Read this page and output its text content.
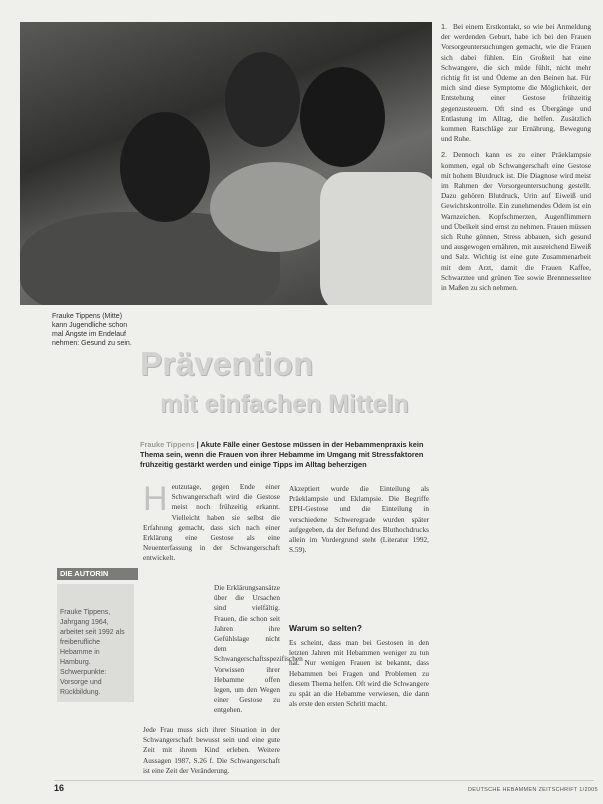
Frauke Tippens (Mitte) kann Jugendliche schon mal Ängste im Endelauf nehmen: Gesund zu sein.
Prävention
mit einfachen Mitteln
Frauke Tippens | Akute Fälle einer Gestose müssen in der Hebammenpraxis kein Thema sein, wenn die Frauen von ihrer Hebamme im Umgang mit Stressfaktoren frühzeitig gestärkt werden und einige Tipps im Alltag beherzigen
H eutzutage, gegen Ende einer Schwangerschaft wird die Gestose meist noch frühzeitig erkannt. Vielleicht haben sie selbst die Erfahrung gemacht, dass sich nach einer Erklärung eine Gestose als eine Neuenterfassung in der Schwangerschaft entwickelt.

Die Erklärungsansätze über die Ursachen sind vielfältig. Frauen, die schon seit Jahren ihre Gefühlslage nicht dem Schwangerschaftsspezifischen Vorwissen ihrer Hebamme offen legen, um den Wegen einer Gestose zu entgehen.

Jede Frau muss sich ihrer Situation in der Schwangerschaft bewusst sein und eine gute Zeit mit ihrem Kind erleben. Weitere Aussagen 1987, S.26 f. Die Schwangerschaft ist eine Zeit der Veränderung.

DIE AUTORIN
Frauke Tippens, Jahrgang 1964, arbeitet seit 1992 als freiberufliche Hebamme in Hamburg. Schwerpunkte: Vorsorge und Rückbildung.

Akzeptiert wurde die Einteilung als Präeklampsie und Eklampsie. Die Begriffe EPH-Gestose und die Einteilung in verschiedene Schweregrade wurden später aufgegeben, da der Befund des Bluthochdrucks allein im Vordergrund steht (Literatur 1992, S.59).

Warum so selten?

Es scheint, dass man bei Gestosen in den letzten Jahren mit Hebammen weniger zu tun hat. Nur wenigen Frauen ist bekannt, dass Hebammen bei Fragen und Problemen zu diesem Thema helfen. Oft wird die Schwangere zu spät an die Hebamme verwiesen, die dann als erste den ersten Schritt macht.

1. Bei einem Erstkontakt, so wie bei Anmeldung der werdenden Geburt, habe ich bei den Frauen Vorsorgeuntersuchungen gemacht, wie die Frauen sich dabei fühlen. Ein Großteil hat eine Schwangere, die sich müde fühlt, nicht mehr richtig fit ist und Ödeme an den Beinen hat. Für mich sind diese Symptome die Möglichkeit, der Entstehung einer Gestose frühzeitig gegenzusteuern. Oft sind es Übergänge und Entlastung im Alltag, die helfen. Zusätzlich kommen Ratschläge zur Ernährung, Bewegung und Ruhe.

2. Dennoch kann es zu einer Präeklampsie kommen, egal ob Schwangerschaft eine Gestose mit hohem Blutdruck ist. Die Diagnose wird meist im Rahmen der Vorsorgeuntersuchung gestellt. Dazu gehören Blutdruck, Urin auf Eiweiß und Gewichtskontrolle. Ein zunehmendes Ödem ist ein Warnzeichen. Kopfschmerzen, Augenflimmern und Übelkeit sind ernst zu nehmen. Frauen müssen sich Ruhe gönnen, Stress abbauen, sich gesund und ausgewogen ernähren, mit ausreichend Eiweiß und Salz. Wichtig ist eine gute Zusammenarbeit mit dem Arzt, damit die Frauen Kaffee, Schwarztee und grünen Tee sowie Brennnesseltee in Maßen zu sich nehmen.

16	DEUTSCHE HEBAMMEN ZEITSCHRIFT 1/2005
